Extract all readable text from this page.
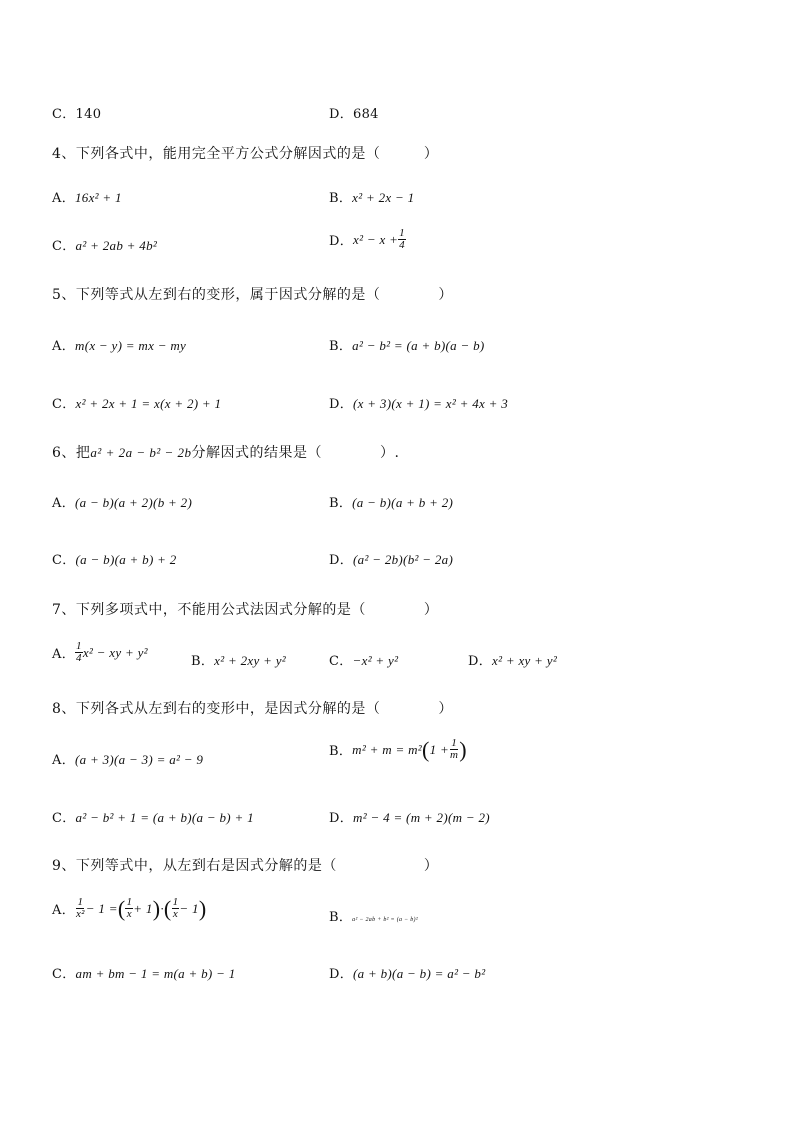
C．140	D．684
4、下列各式中，能用完全平方公式分解因式的是（　　　）
A．16x² + 1	B．x² + 2x − 1
C．a² + 2ab + 4b²	D． $x^2 - x + \frac{1}{4}$
5、下列等式从左到右的变形，属于因式分解的是（　　　　）
A．m(x − y) = mx − my	B．a² − b² = (a + b)(a − b)
C．x² + 2x + 1 = x(x + 2) + 1	D．(x + 3)(x + 1) = x² + 4x + 3
6、把a² + 2a − b² − 2b分解因式的结果是（　　　　）.
A．(a − b)(a + 2)(b + 2)	B．(a − b)(a + b + 2)
C．(a − b)(a + b) + 2	D．(a² − 2b)(b² − 2a)
7、下列多项式中，不能用公式法因式分解的是（　　　　）
A． $\frac{1}{4} x^2$ − xy + y²
B．x² + 2xy + y²	C．−x² + y²	D．x² + xy + y²
8、下列各式从左到右的变形中，是因式分解的是（　　　　）
A．(a + 3)(a − 3) = a² − 9
B． m² + m = m² ( $1 + \frac{1}{m}$ )
C．a² − b² + 1 = (a + b)(a − b) + 1	D．m² − 4 = (m + 2)(m − 2)
9、下列等式中，从左到右是因式分解的是（　　　　　　）
A． $\frac{1}{\text{x²}} - 1$ = ( $\frac{1}{x} + 1$ ) · ( $\frac{1}{x} - 1$ )	B．a² − 2ab + b² = (a − b)²
C．am + bm − 1 = m(a + b) − 1	D．(a + b)(a − b) = a² − b²
